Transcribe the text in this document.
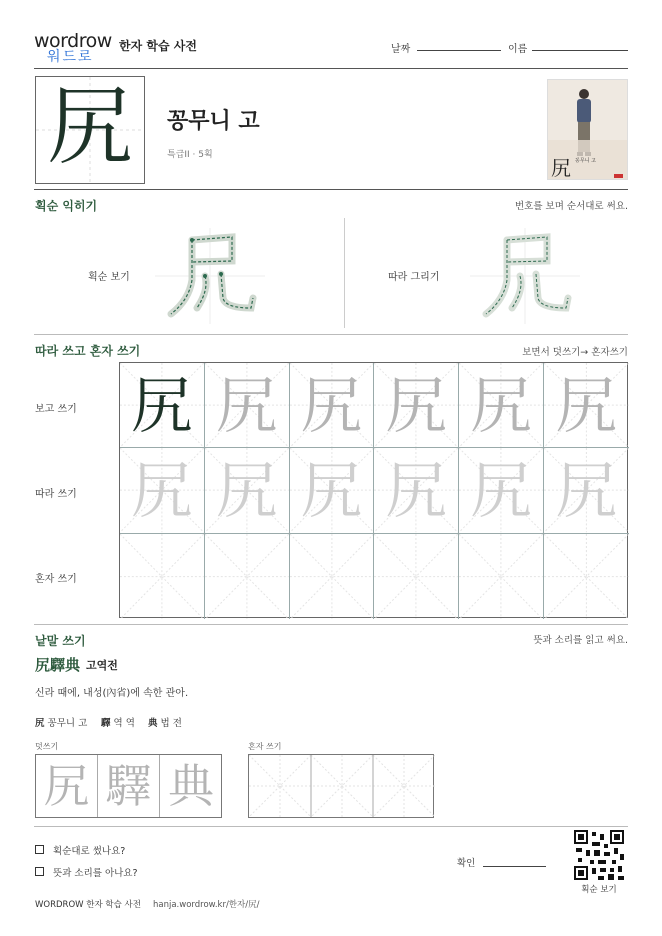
wordrow
워드로
한자 학습 사전	날짜	이름
尻	꽁무니 고
특급II · 5획
尻 꽁무니 고
획순 익히기	번호를 보며 순서대로 써요.
획순 보기	따라 그리기
따라 쓰고 혼자 쓰기	보면서 덧쓰기→ 혼자쓰기
보고 쓰기
따라 쓰기
혼자 쓰기
尻 尻 尻 尻 尻 尻
尻 尻 尻 尻 尻 尻
낱말 쓰기	뜻과 소리를 읽고 써요.
尻驛典 고역전
신라 때에, 내성(內省)에 속한 관아.
尻 꽁무니 고 驛 역 역 典 법 전
덧쓰기	혼자 쓰기
尻 驛 典
획순대로 썼나요?
뜻과 소리를 아나요?
확인
획순 보기
WORDROW 한자 학습 사전 hanja.wordrow.kr/한자/尻/
